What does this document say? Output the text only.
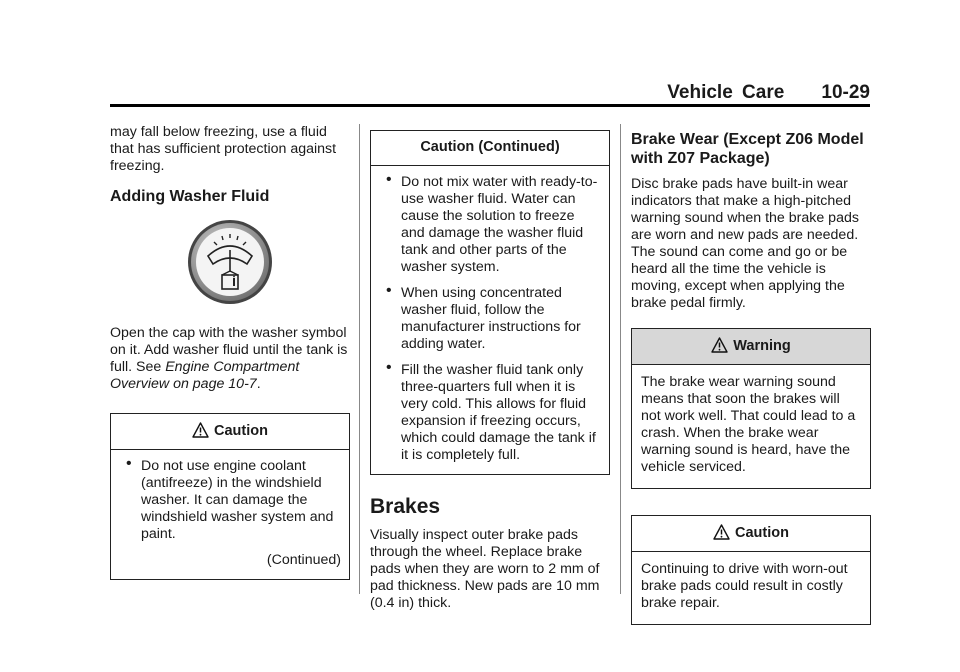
Vehicle Care    10-29

may fall below freezing, use a fluid that has sufficient protection against freezing.

Adding Washer Fluid

Open the cap with the washer symbol on it. Add washer fluid until the tank is full. See Engine Compartment Overview on page 10-7.

Caution
• Do not use engine coolant (antifreeze) in the windshield washer. It can damage the windshield washer system and paint.
(Continued)
Caution (Continued)
• Do not mix water with ready-to-use washer fluid. Water can cause the solution to freeze and damage the washer fluid tank and other parts of the washer system.
• When using concentrated washer fluid, follow the manufacturer instructions for adding water.
• Fill the washer fluid tank only three-quarters full when it is very cold. This allows for fluid expansion if freezing occurs, which could damage the tank if it is completely full.
Brakes

Visually inspect outer brake pads through the wheel. Replace brake pads when they are worn to 2 mm of pad thickness. New pads are 10 mm (0.4 in) thick.

Brake Wear (Except Z06 Model with Z07 Package)

Disc brake pads have built-in wear indicators that make a high-pitched warning sound when the brake pads are worn and new pads are needed. The sound can come and go or be heard all the time the vehicle is moving, except when applying the brake pedal firmly.

Warning
The brake wear warning sound means that soon the brakes will not work well. That could lead to a crash. When the brake wear warning sound is heard, have the vehicle serviced.
Caution
Continuing to drive with worn-out brake pads could result in costly brake repair.
